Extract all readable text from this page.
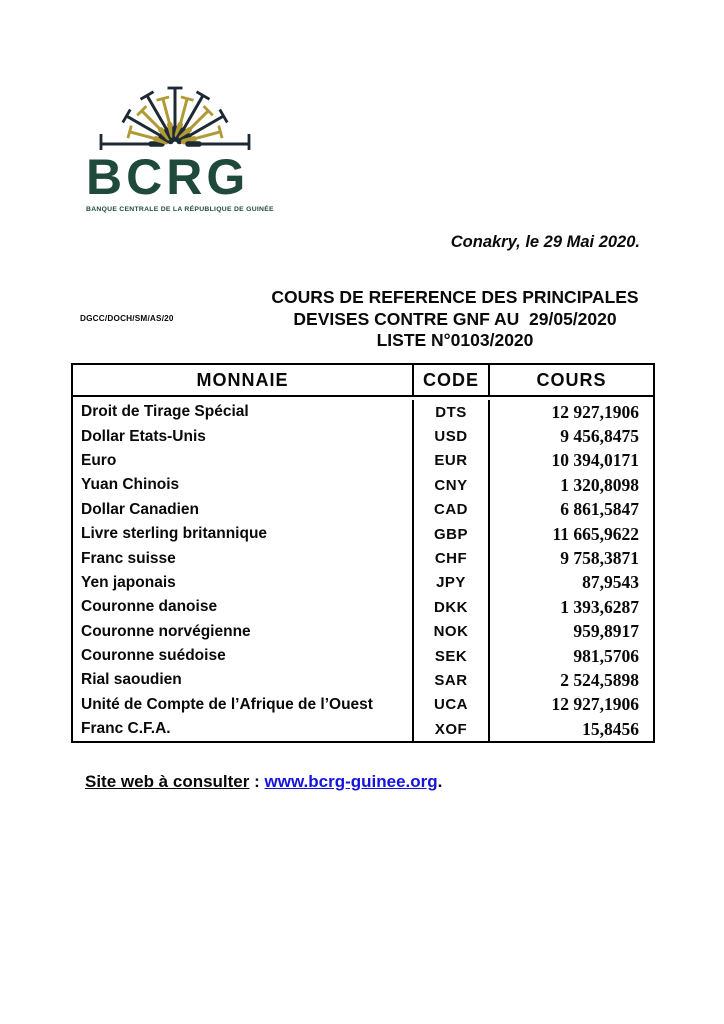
BCRG
BANQUE CENTRALE DE LA RÉPUBLIQUE DE GUINÉE
Conakry, le 29 Mai 2020.
DGCC/DOCH/SM/AS/20
COURS DE REFERENCE DES PRINCIPALES
DEVISES CONTRE GNF AU  29/05/2020
LISTE N°0103/2020
MONNAIE	CODE	COURS
Droit de Tirage Spécial	DTS	12 927,1906
Dollar Etats-Unis	USD	9 456,8475
Euro	EUR	10 394,0171
Yuan Chinois	CNY	1 320,8098
Dollar Canadien	CAD	6 861,5847
Livre sterling britannique	GBP	11 665,9622
Franc suisse	CHF	9 758,3871
Yen japonais	JPY	87,9543
Couronne danoise	DKK	1 393,6287
Couronne norvégienne	NOK	959,8917
Couronne suédoise	SEK	981,5706
Rial saoudien	SAR	2 524,5898
Unité de Compte de l’Afrique de l’Ouest	UCA	12 927,1906
Franc C.F.A.	XOF	15,8456
Site web à consulter : www.bcrg-guinee.org.
